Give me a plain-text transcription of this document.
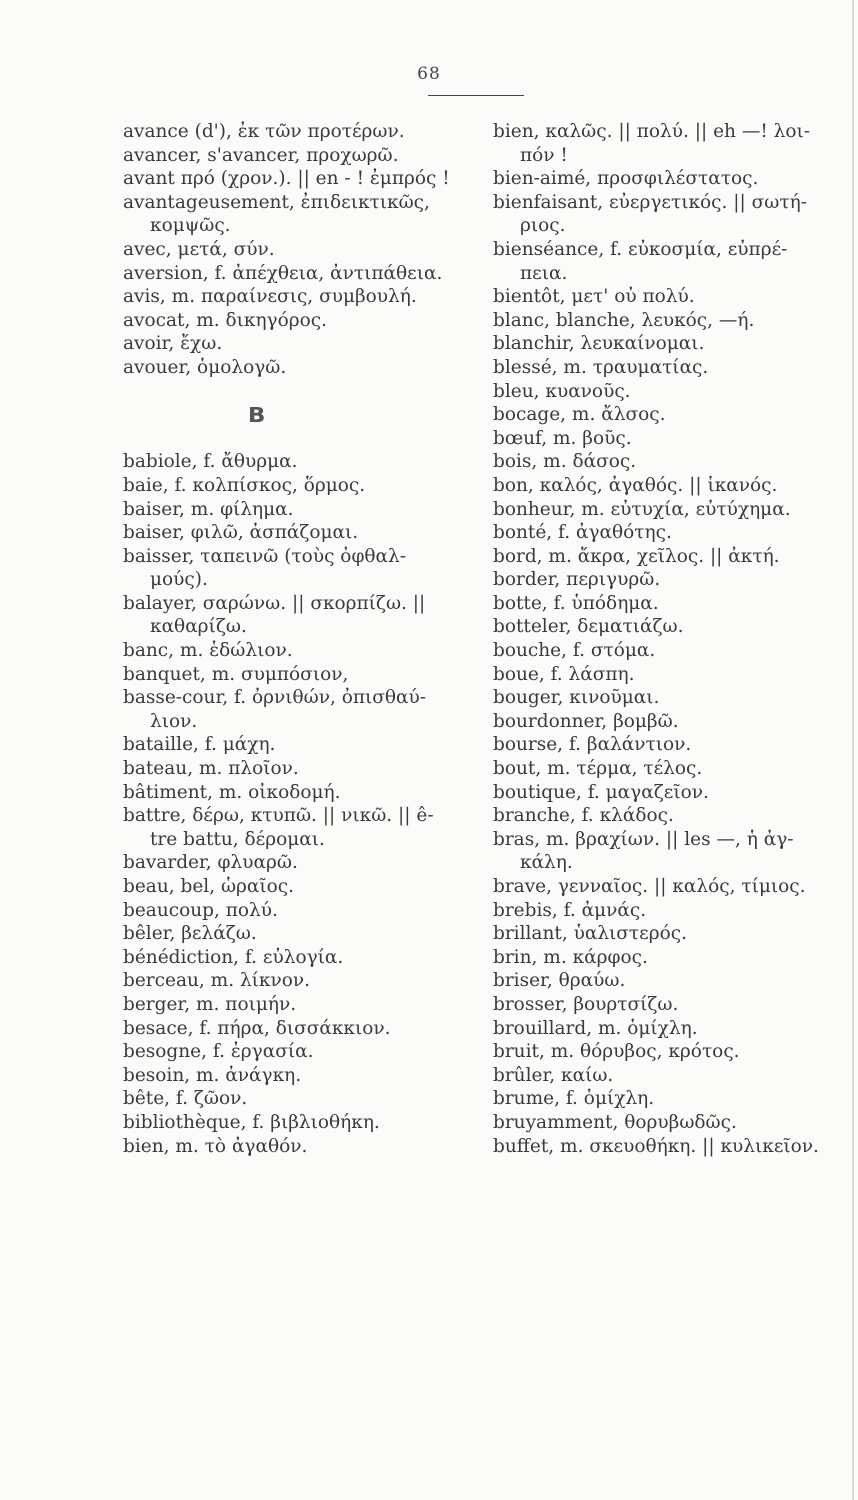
68
avance (d'), ἐκ τῶν προτέρων.
avancer, s'avancer, προχωρῶ.
avant πρό (χρον.). || en - ! ἐμπρός !
avantageusement, ἐπιδεικτικῶς,
κομψῶς.
avec, μετά, σύν.
aversion, f. ἀπέχθεια, ἀντιπάθεια.
avis, m. παραίνεσις, συμβουλή.
avocat, m. δικηγόρος.
avoir, ἔχω.
avouer, ὁμολογῶ.
B
babiole, f. ἄθυρμα.
baie, f. κολπίσκος, ὅρμος.
baiser, m. φίλημα.
baiser, φιλῶ, ἀσπάζομαι.
baisser, ταπεινῶ (τοὺς ὀφθαλ-
μούς).
balayer, σαρώνω. || σκορπίζω. ||
καθαρίζω.
banc, m. ἑδώλιον.
banquet, m. συμπόσιον,
basse-cour, f. ὀρνιθών, ὀπισθαύ-
λιον.
bataille, f. μάχη.
bateau, m. πλοῖον.
bâtiment, m. οἰκοδομή.
battre, δέρω, κτυπῶ. || νικῶ. || ê-
tre battu, δέρομαι.
bavarder, φλυαρῶ.
beau, bel, ὡραῖος.
beaucoup, πολύ.
bêler, βελάζω.
bénédiction, f. εὐλογία.
berceau, m. λίκνον.
berger, m. ποιμήν.
besace, f. πήρα, δισσάκκιον.
besogne, f. ἐργασία.
besoin, m. ἀνάγκη.
bête, f. ζῶον.
bibliothèque, f. βιβλιοθήκη.
bien, m. τὸ ἀγαθόν.
bien, καλῶς. || πολύ. || eh —! λοι-
πόν !
bien-aimé, προσφιλέστατος.
bienfaisant, εὐεργετικός. || σωτή-
ριος.
bienséance, f. εὐκοσμία, εὐπρέ-
πεια.
bientôt, μετ' οὐ πολύ.
blanc, blanche, λευκός, —ή.
blanchir, λευκαίνομαι.
blessé, m. τραυματίας.
bleu, κυανοῦς.
bocage, m. ἄλσος.
bœuf, m. βοῦς.
bois, m. δάσος.
bon, καλός, ἀγαθός. || ἱκανός.
bonheur, m. εὐτυχία, εὐτύχημα.
bonté, f. ἀγαθότης.
bord, m. ἄκρα, χεῖλος. || ἀκτή.
border, περιγυρῶ.
botte, f. ὑπόδημα.
botteler, δεματιάζω.
bouche, f. στόμα.
boue, f. λάσπη.
bouger, κινοῦμαι.
bourdonner, βομβῶ.
bourse, f. βαλάντιον.
bout, m. τέρμα, τέλος.
boutique, f. μαγαζεῖον.
branche, f. κλάδος.
bras, m. βραχίων. || les —, ἡ ἀγ-
κάλη.
brave, γενναῖος. || καλός, τίμιος.
brebis, f. ἀμνάς.
brillant, ὑαλιστερός.
brin, m. κάρφος.
briser, θραύω.
brosser, βουρτσίζω.
brouillard, m. ὁμίχλη.
bruit, m. θόρυβος, κρότος.
brûler, καίω.
brume, f. ὁμίχλη.
bruyamment, θορυβωδῶς.
buffet, m. σκευοθήκη. || κυλικεῖον.
